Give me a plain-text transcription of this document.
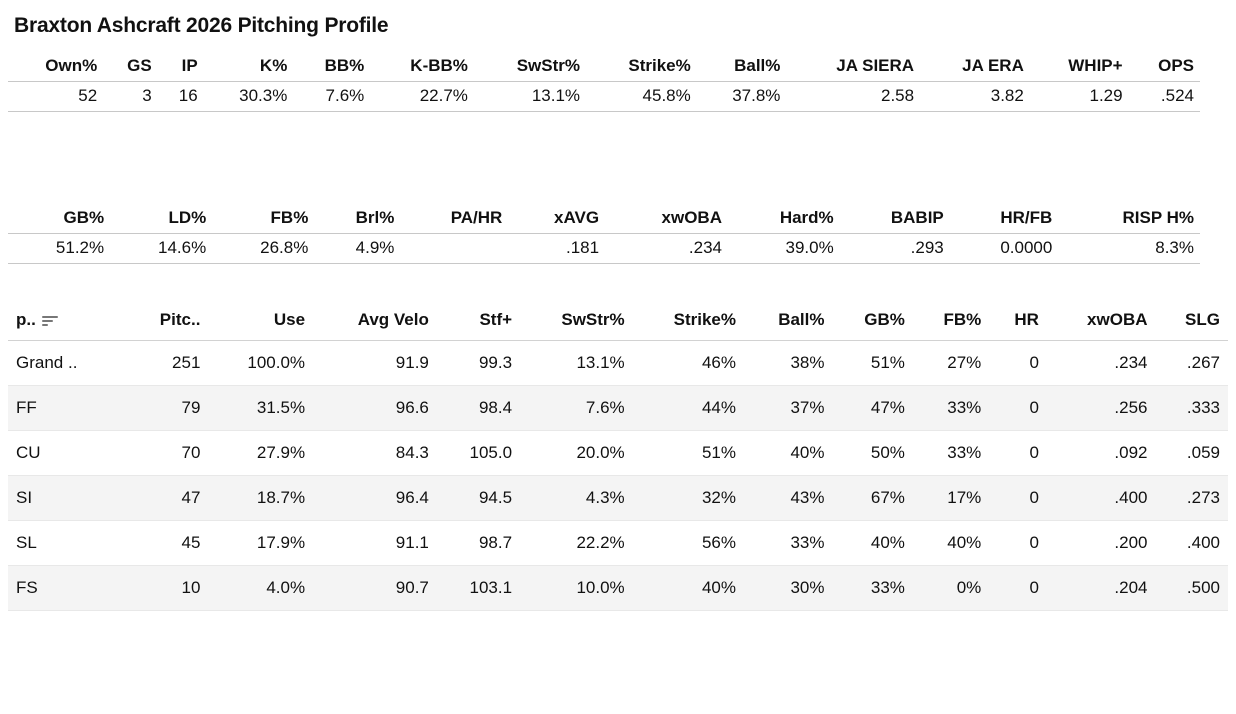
Braxton Ashcraft 2026 Pitching Profile
Own%	GS	IP	K%	BB%	K-BB%	SwStr%	Strike%	Ball%	JA SIERA	JA ERA	WHIP+	OPS
52	3	16	30.3%	7.6%	22.7%	13.1%	45.8%	37.8%	2.58	3.82	1.29	.524
GB%	LD%	FB%	Brl%	PA/HR	xAVG	xwOBA	Hard%	BABIP	HR/FB	RISP H%
51.2%	14.6%	26.8%	4.9%		.181	.234	39.0%	.293	0.0000	8.3%
p..	Pitc..	Use	Avg Velo	Stf+	SwStr%	Strike%	Ball%	GB%	FB%	HR	xwOBA	SLG
Grand ..	251	100.0%	91.9	99.3	13.1%	46%	38%	51%	27%	0	.234	.267
FF	79	31.5%	96.6	98.4	7.6%	44%	37%	47%	33%	0	.256	.333
CU	70	27.9%	84.3	105.0	20.0%	51%	40%	50%	33%	0	.092	.059
SI	47	18.7%	96.4	94.5	4.3%	32%	43%	67%	17%	0	.400	.273
SL	45	17.9%	91.1	98.7	22.2%	56%	33%	40%	40%	0	.200	.400
FS	10	4.0%	90.7	103.1	10.0%	40%	30%	33%	0%	0	.204	.500
